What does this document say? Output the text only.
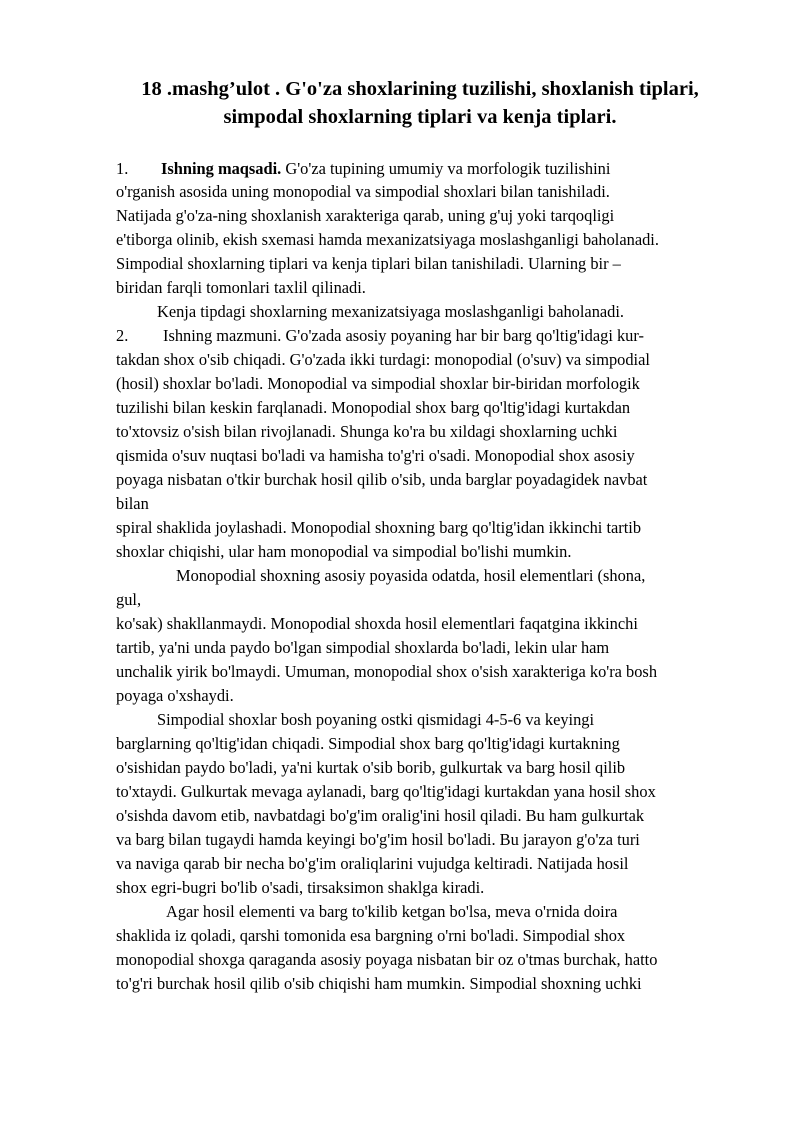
18 .mashg’ulot . G'o'za shoxlarining tuzilishi, shoxlanish tiplari,
simpodal shoxlarning tiplari va kenja tiplari.
1. Ishning maqsadi. G'o'za tupining umumiy va morfologik tuzilishini
o'rganish asosida uning monopodial va simpodial shoxlari bilan tanishiladi.
Natijada g'o'za-ning shoxlanish xarakteriga qarab, uning g'uj yoki tarqoqligi
e'tiborga olinib, ekish sxemasi hamda mexanizatsiyaga moslashganligi baholanadi.
Simpodial shoxlarning tiplari va kenja tiplari bilan tanishiladi. Ularning bir –
biridan farqli tomonlari taxlil qilinadi.
Kenja tipdagi shoxlarning mexanizatsiyaga moslashganligi baholanadi.
2. Ishning mazmuni. G'o'zada asosiy poyaning har bir barg qo'ltig'idagi kur-
takdan shox o'sib chiqadi. G'o'zada ikki turdagi: monopodial (o'suv) va simpodial
(hosil) shoxlar bo'ladi. Monopodial va simpodial shoxlar bir-biridan morfologik
tuzilishi bilan keskin farqlanadi. Monopodial shox barg qo'ltig'idagi kurtakdan
to'xtovsiz o'sish bilan rivojlanadi. Shunga ko'ra bu xildagi shoxlarning uchki
qismida o'suv nuqtasi bo'ladi va hamisha to'g'ri o'sadi. Monopodial shox asosiy
poyaga nisbatan o'tkir burchak hosil qilib o'sib, unda barglar poyadagidek navbat
bilan
spiral shaklida joylashadi. Monopodial shoxning barg qo'ltig'idan ikkinchi tartib
shoxlar chiqishi, ular ham monopodial va simpodial bo'lishi mumkin.
Monopodial shoxning asosiy poyasida odatda, hosil elementlari (shona,
gul,
ko'sak) shakllanmaydi. Monopodial shoxda hosil elementlari faqatgina ikkinchi
tartib, ya'ni unda paydo bo'lgan simpodial shoxlarda bo'ladi, lekin ular ham
unchalik yirik bo'lmaydi. Umuman, monopodial shox o'sish xarakteriga ko'ra bosh
poyaga o'xshaydi.
Simpodial shoxlar bosh poyaning ostki qismidagi 4-5-6 va keyingi
barglarning qo'ltig'idan chiqadi. Simpodial shox barg qo'ltig'idagi kurtakning
o'sishidan paydo bo'ladi, ya'ni kurtak o'sib borib, gulkurtak va barg hosil qilib
to'xtaydi. Gulkurtak mevaga aylanadi, barg qo'ltig'idagi kurtakdan yana hosil shox
o'sishda davom etib, navbatdagi bo'g'im oralig'ini hosil qiladi. Bu ham gulkurtak
va barg bilan tugaydi hamda keyingi bo'g'im hosil bo'ladi. Bu jarayon g'o'za turi
va naviga qarab bir necha bo'g'im oraliqlarini vujudga keltiradi. Natijada hosil
shox egri-bugri bo'lib o'sadi, tirsaksimon shaklga kiradi.
Agar hosil elementi va barg to'kilib ketgan bo'lsa, meva o'rnida doira
shaklida iz qoladi, qarshi tomonida esa bargning o'rni bo'ladi. Simpodial shox
monopodial shoxga qaraganda asosiy poyaga nisbatan bir oz o'tmas burchak, hatto
to'g'ri burchak hosil qilib o'sib chiqishi ham mumkin. Simpodial shoxning uchki
